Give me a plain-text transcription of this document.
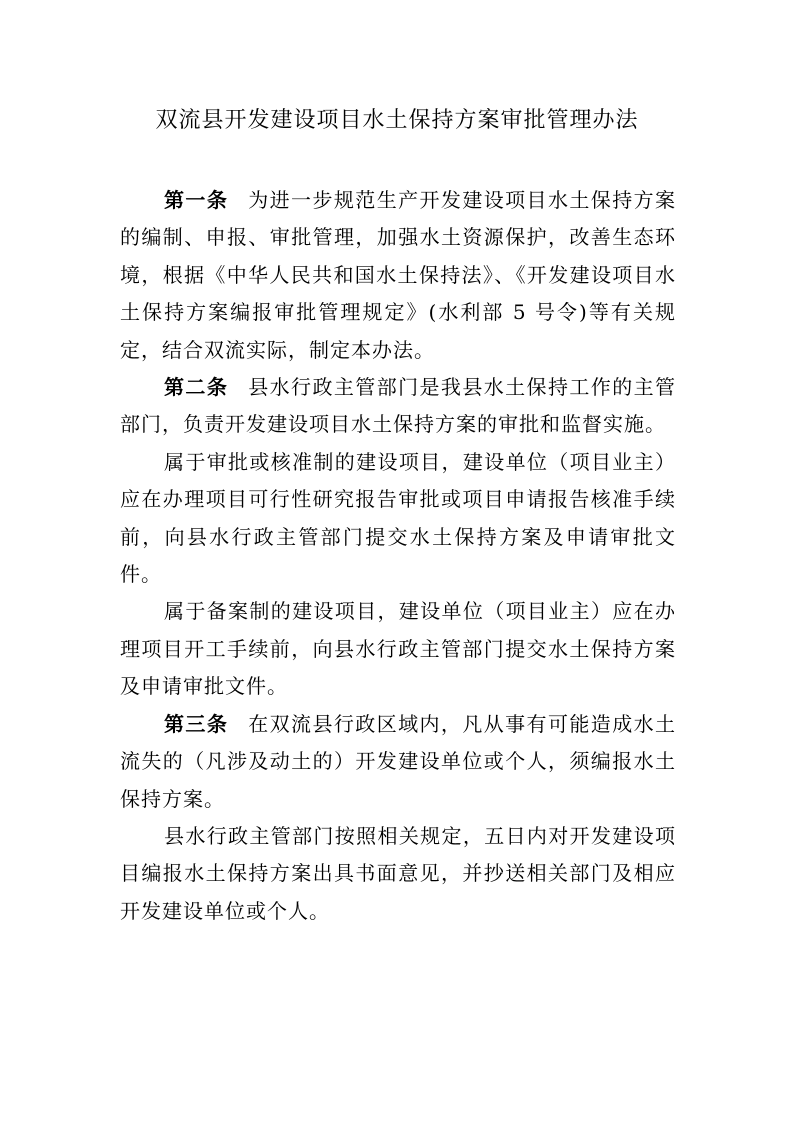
双流县开发建设项目水土保持方案审批管理办法

第一条 为进一步规范生产开发建设项目水土保持方案的编制、申报、审批管理，加强水土资源保护，改善生态环境，根据《中华人民共和国水土保持法》、《开发建设项目水土保持方案编报审批管理规定》(水利部 5 号令)等有关规定，结合双流实际，制定本办法。

第二条 县水行政主管部门是我县水土保持工作的主管部门，负责开发建设项目水土保持方案的审批和监督实施。

属于审批或核准制的建设项目，建设单位（项目业主）应在办理项目可行性研究报告审批或项目申请报告核准手续前，向县水行政主管部门提交水土保持方案及申请审批文件。

属于备案制的建设项目，建设单位（项目业主）应在办理项目开工手续前，向县水行政主管部门提交水土保持方案及申请审批文件。

第三条 在双流县行政区域内，凡从事有可能造成水土流失的（凡涉及动土的）开发建设单位或个人，须编报水土保持方案。

县水行政主管部门按照相关规定，五日内对开发建设项目编报水土保持方案出具书面意见，并抄送相关部门及相应开发建设单位或个人。
